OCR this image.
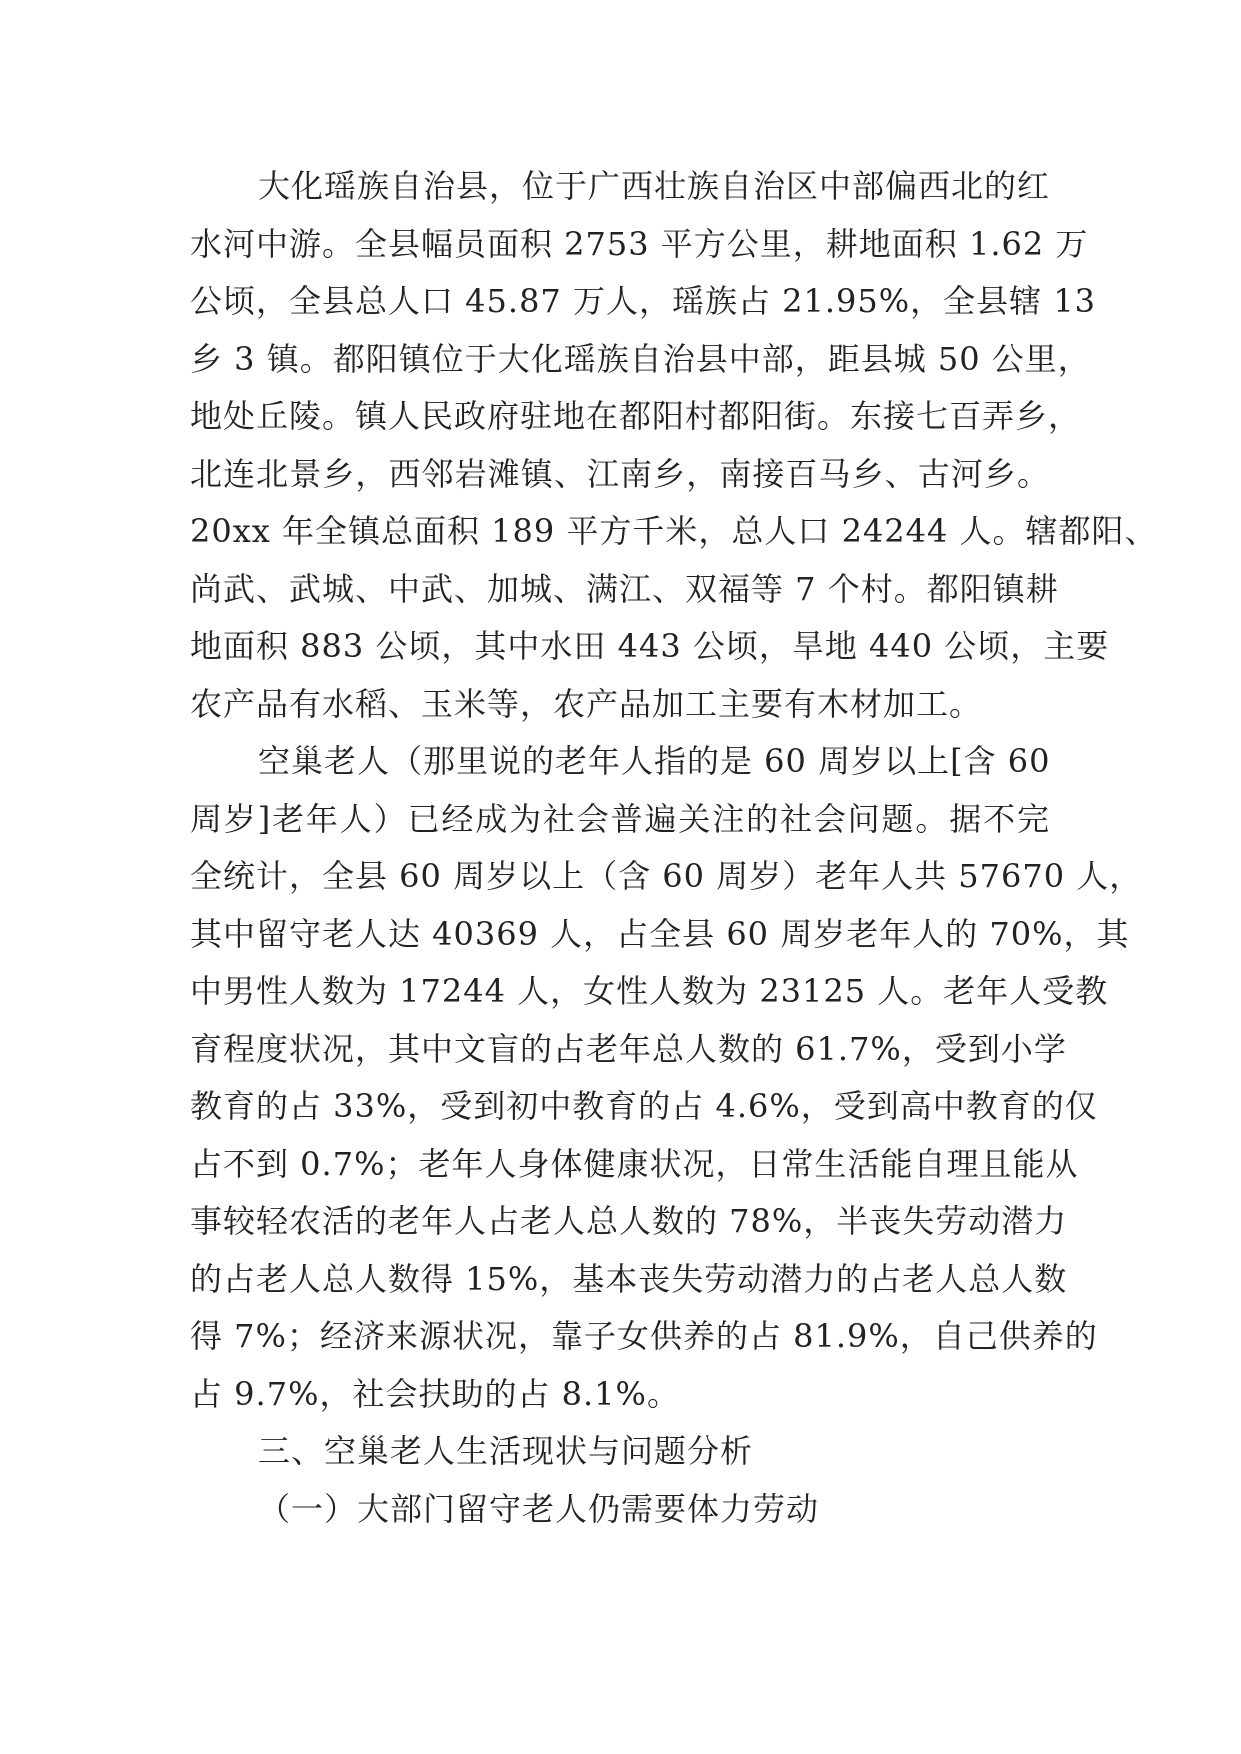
大化瑶族自治县，位于广西壮族自治区中部偏西北的红
水河中游。全县幅员面积 2753 平方公里，耕地面积 1.62 万
公顷，全县总人口 45.87 万人，瑶族占 21.95%，全县辖 13
乡 3 镇。都阳镇位于大化瑶族自治县中部，距县城 50 公里，
地处丘陵。镇人民政府驻地在都阳村都阳街。东接七百弄乡，
北连北景乡，西邻岩滩镇、江南乡，南接百马乡、古河乡。
20xx 年全镇总面积 189 平方千米，总人口 24244 人。辖都阳、
尚武、武城、中武、加城、满江、双福等 7 个村。都阳镇耕
地面积 883 公顷，其中水田 443 公顷，旱地 440 公顷，主要
农产品有水稻、玉米等，农产品加工主要有木材加工。
空巢老人（那里说的老年人指的是 60 周岁以上[含 60
周岁]老年人）已经成为社会普遍关注的社会问题。据不完
全统计，全县 60 周岁以上（含 60 周岁）老年人共 57670 人，
其中留守老人达 40369 人，占全县 60 周岁老年人的 70%，其
中男性人数为 17244 人，女性人数为 23125 人。老年人受教
育程度状况，其中文盲的占老年总人数的 61.7%，受到小学
教育的占 33%，受到初中教育的占 4.6%，受到高中教育的仅
占不到 0.7%；老年人身体健康状况，日常生活能自理且能从
事较轻农活的老年人占老人总人数的 78%，半丧失劳动潜力
的占老人总人数得 15%，基本丧失劳动潜力的占老人总人数
得 7%；经济来源状况，靠子女供养的占 81.9%，自己供养的
占 9.7%，社会扶助的占 8.1%。
三、空巢老人生活现状与问题分析
（一）大部门留守老人仍需要体力劳动
